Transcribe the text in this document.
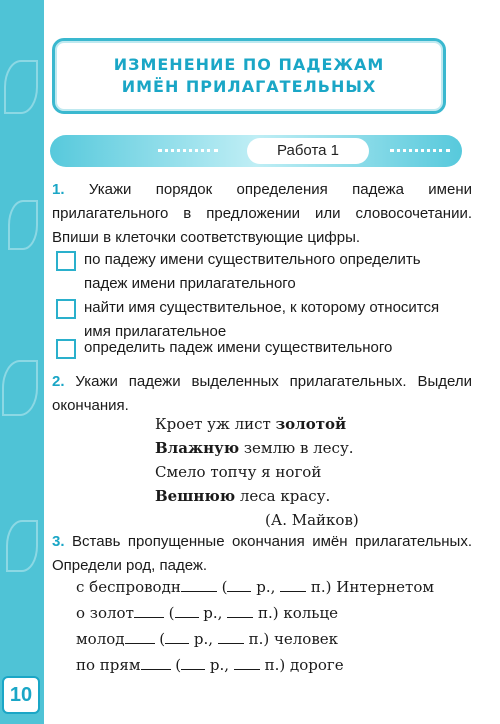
ИЗМЕНЕНИЕ ПО ПАДЕЖАМ
ИМЁН ПРИЛАГАТЕЛЬНЫХ
Работа 1
1. Укажи порядок определения падежа имени прилагательного в предложении или словосочетании. Впиши в клеточки соответствующие цифры.
по падежу имени существительного определить падеж имени прилагательного
найти имя существительное, к которому относится имя прилагательное
определить падеж имени существительного
2. Укажи падежи выделенных прилагательных. Выдели окончания.
Кроет уж лист золотой
Влажную землю в лесу.
Смело топчу я ногой
Вешнюю леса красу.
(А. Майков)
3. Вставь пропущенные окончания имён прилагательных. Определи род, падеж.
с беспроводн ( р.,  п.) Интернетом
о золот ( р.,  п.) кольце
молод ( р.,  п.) человек
по прям ( р.,  п.) дороге
10
